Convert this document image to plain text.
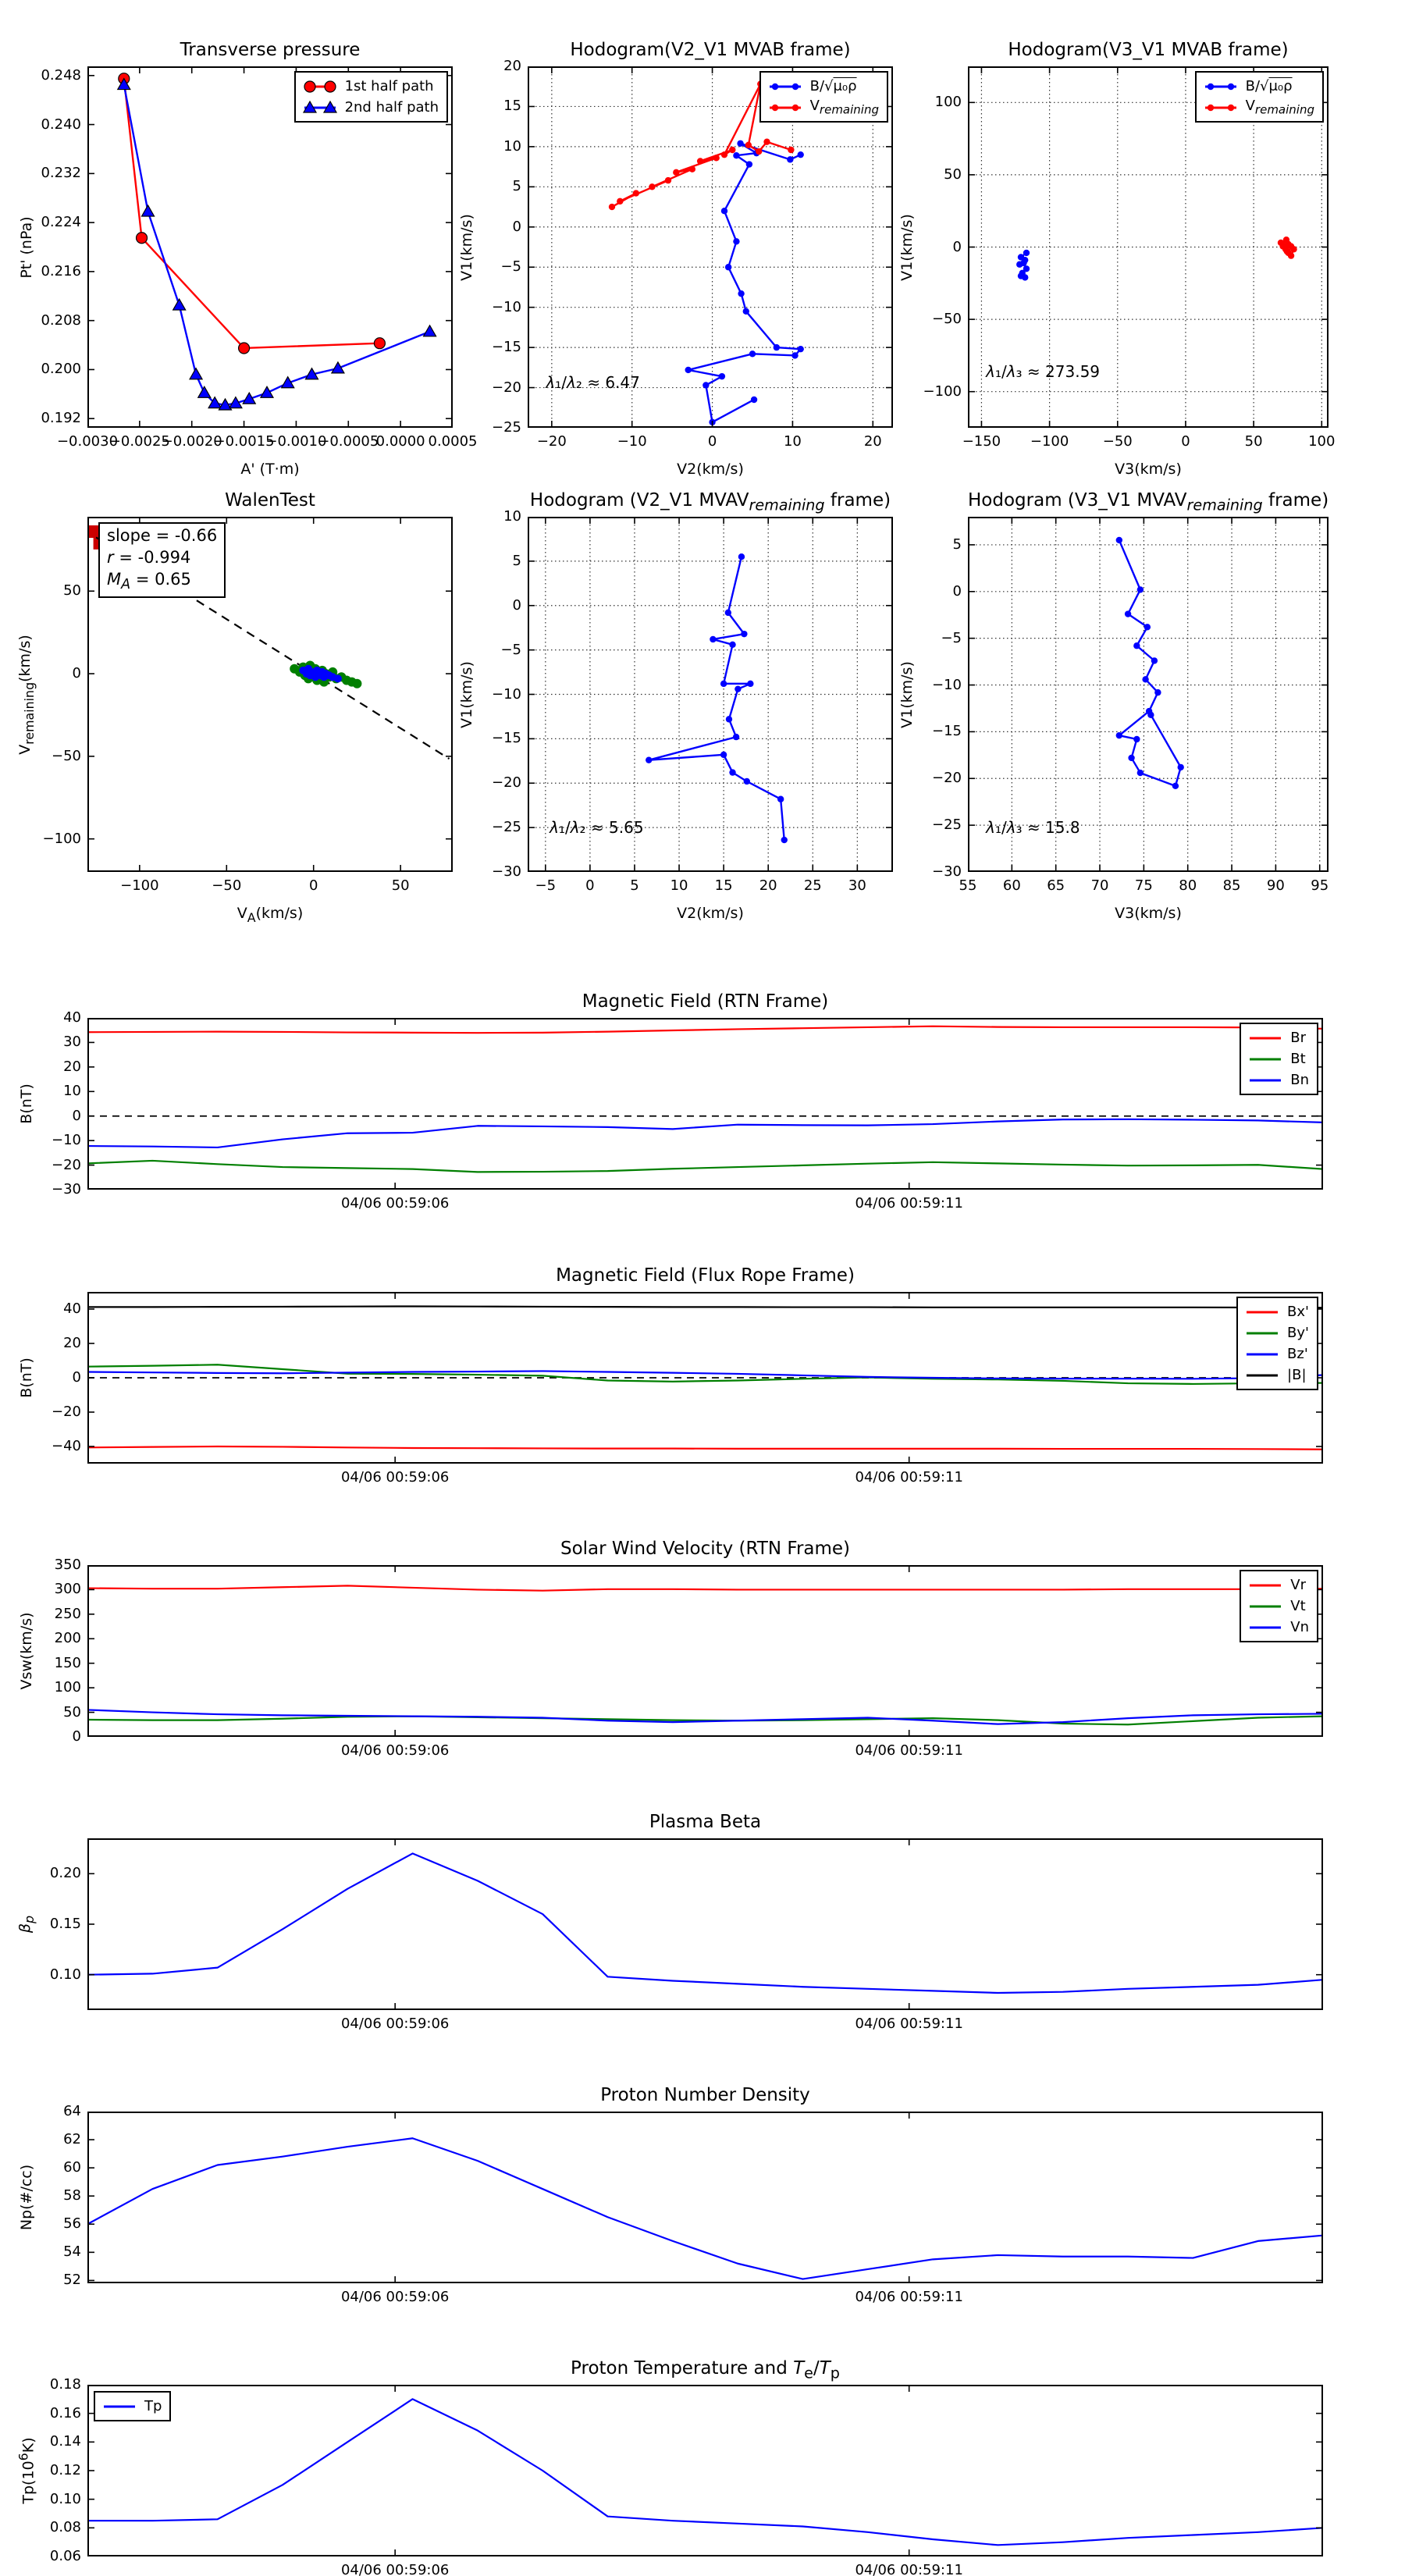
Transverse pressure
−0.0030
−0.0025
−0.0020
−0.0015
−0.0010
−0.0005
0.0000 0.0005
0.192
0.200
0.208
0.216
0.224
0.232
0.240
0.248
A' (T·m)
Pt' (nPa)
1st half path
2nd half path
Hodogram(V2_V1 MVAB frame)
−20	−10	0	10	20
20
15
10
5
0
−5
−10
−15
−20
−25
V2(km/s)
V1(km/s)
λ₁/λ₂ ≈ 6.47
B/√μ₀ρ
$V_{remaining}$
Hodogram(V3_V1 MVAB frame)
−150 −100 −50	0	50	100
100
50
0
−50
−100
V3(km/s)
V1(km/s)
λ₁/λ₃ ≈ 273.59
B/√μ₀ρ
$V_{remaining}$
WalenTest
−100	−50	0	50
50
0
−50
−100
$V_A(km/s)$
$V_{remaining}(km/s)$
slope = -0.66
r = -0.994
$M_A = 0.65$
Hodogram (V2_V1 $MVAV_{remaining}$ frame)
−5 0	5 10 15 20 25 30
10
5
0
−5
−10
−15
−20
−25
−30
V2(km/s)
V1(km/s)
λ₁/λ₂ ≈ 5.65
Hodogram (V3_V1 $MVAV_{remaining}$ frame)
55 60 65 70 75 80 85 90 95
5
0
−5
−10
−15
−20
−25
−30
V3(km/s)
V1(km/s)
λ₁/λ₃ ≈ 15.8
Magnetic Field (RTN Frame)
04/06 00:59:06	04/06 00:59:11
40
30
20
10
0
−10
−20
−30
B(nT)
Br
Bt
Bn
Magnetic Field (Flux Rope Frame)
04/06 00:59:06	04/06 00:59:11
40
20
0
−20
−40
B(nT)
Bx'
By'
Bz'
|B|
Solar Wind Velocity (RTN Frame)
04/06 00:59:06	04/06 00:59:11
0
50
100
150
200
250
300
350
Vsw(km/s)
Vr
Vt
Vn
Plasma Beta
04/06 00:59:06	04/06 00:59:11
0.10
0.15
0.20
$\beta_p$
Proton Number Density
04/06 00:59:06	04/06 00:59:11
52
54
56
58
60
62
64
Np(#/cc)
Proton Temperature and $T_e/T_p$
04/06 00:59:06	04/06 00:59:11
0.06
0.08
0.10
0.12
0.14
0.16
0.18
$Tp(10^6K)$
Tp
